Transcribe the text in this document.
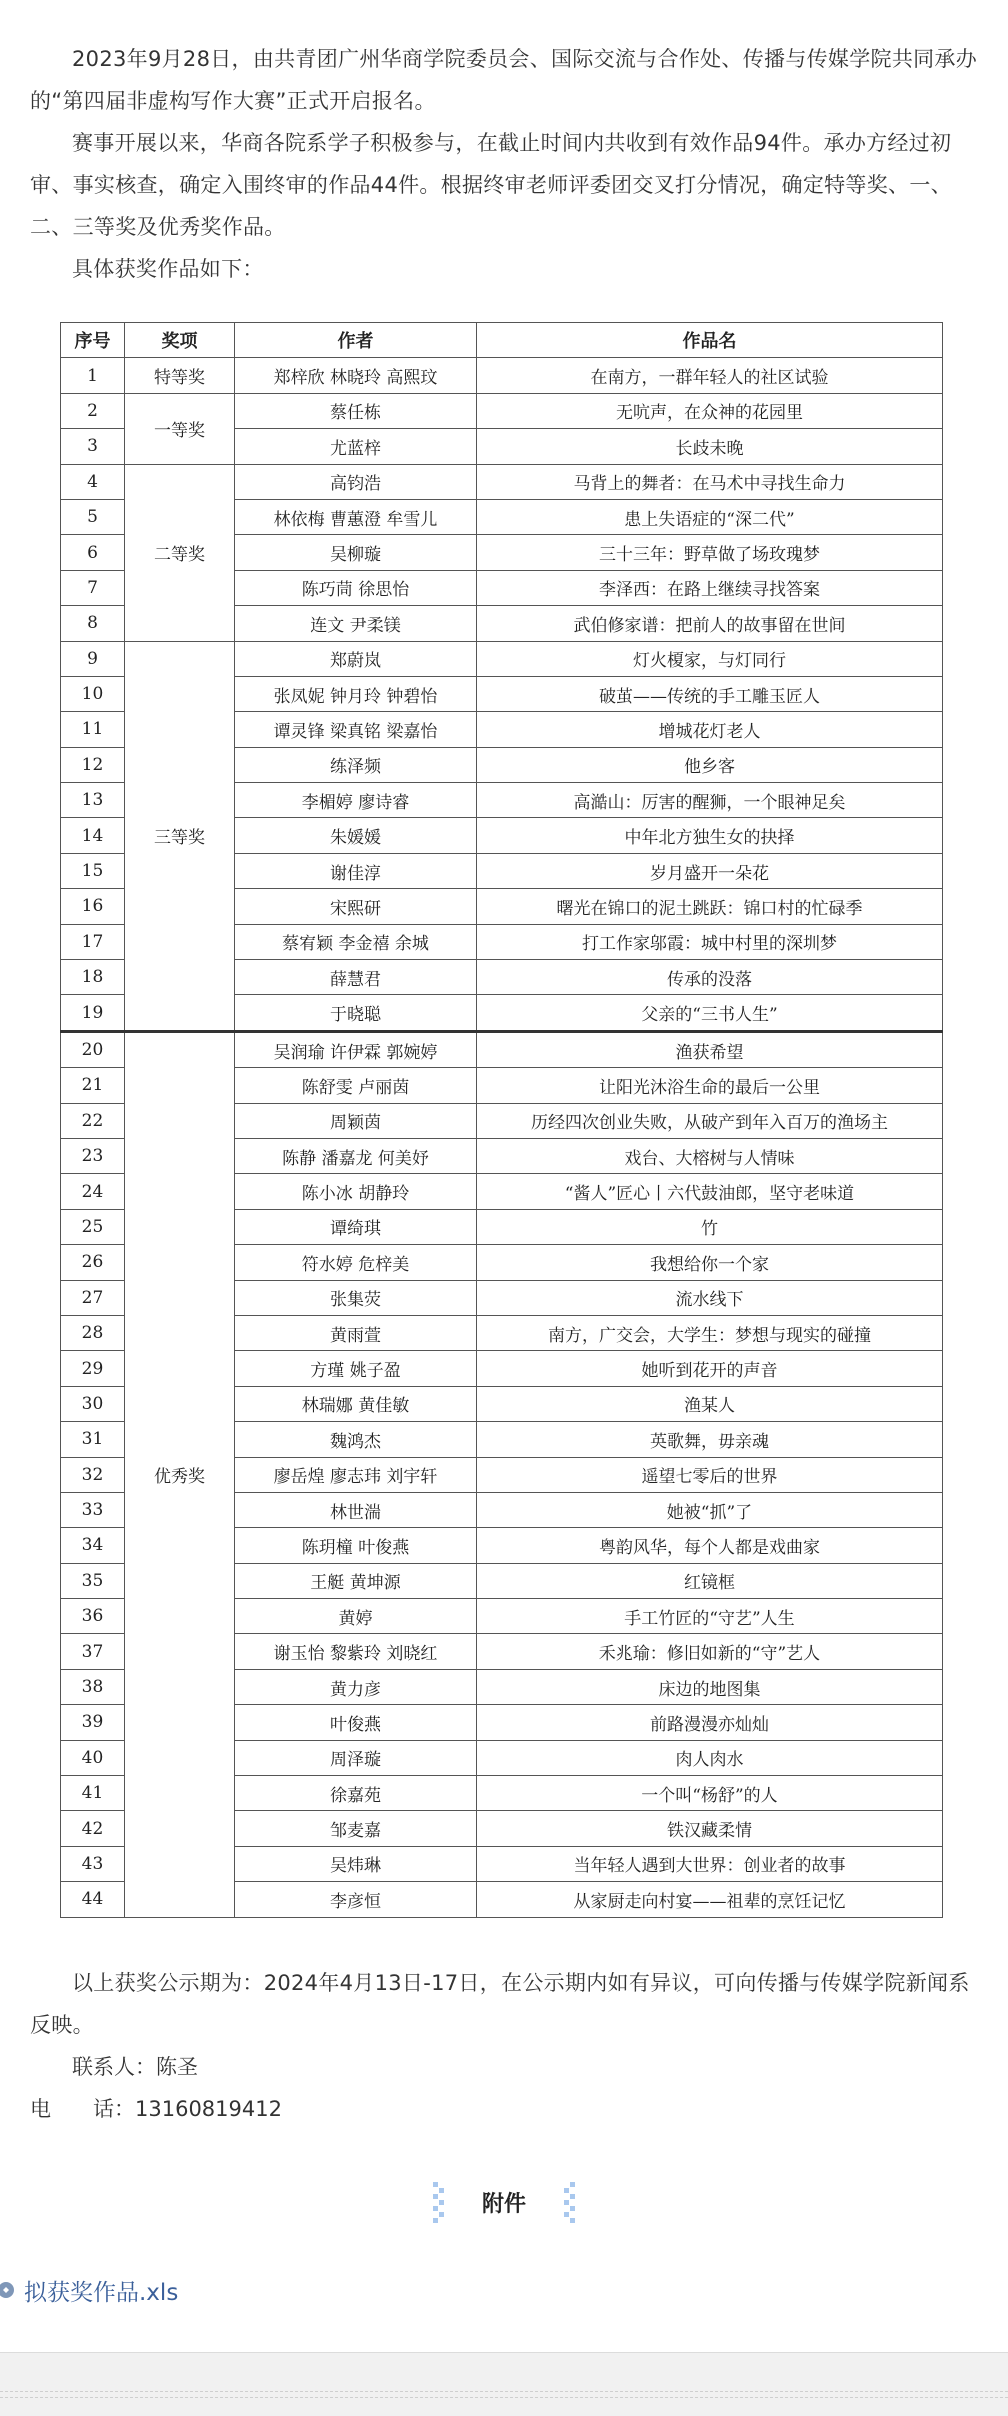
2023年9月28日，由共青团广州华商学院委员会、国际交流与合作处、传播与传媒学院共同承办的“第四届非虚构写作大赛”正式开启报名。

赛事开展以来，华商各院系学子积极参与，在截止时间内共收到有效作品94件。承办方经过初审、事实核查，确定入围终审的作品44件。根据终审老师评委团交叉打分情况，确定特等奖、一、二、三等奖及优秀奖作品。

具体获奖作品如下：

序号	奖项	作者	作品名
1	特等奖	郑梓欣 林晓玲 高熙玟	在南方，一群年轻人的社区试验
2	一等奖	蔡任栋	无吭声，在众神的花园里
3		尤蓝梓	长歧未晚
4	二等奖	高钧浩	马背上的舞者：在马术中寻找生命力
5		林依梅 曹蕙澄 牟雪儿	患上失语症的“深二代”
6		吴柳璇	三十三年：野草做了场玫瑰梦
7		陈巧茼 徐思怡	李泽西：在路上继续寻找答案
8		连文 尹柔镁	武伯修家谱：把前人的故事留在世间
9	三等奖	郑蔚岚	灯火榎家，与灯同行
10		张凤妮 钟月玲 钟碧怡	破茧——传统的手工雕玉匠人
11		谭灵锋 梁真铭 梁嘉怡	增城花灯老人
12		练泽频	他乡客
13		李楣婷 廖诗睿	高澔山：厉害的醒狮，一个眼神足矣
14		朱媛媛	中年北方独生女的抉择
15		谢佳淳	岁月盛开一朵花
16		宋熙研	曙光在锦口的泥土跳跃：锦口村的忙碌季
17		蔡宥颖 李金禧 余城	打工作家邬霞：城中村里的深圳梦
18		薛慧君	传承的没落
19		于晓聪	父亲的“三书人生”
20	优秀奖	吴润瑜 许伊霖 郭婉婷	渔获希望
21		陈舒雯 卢丽茵	让阳光沐浴生命的最后一公里
22		周颖茵	历经四次创业失败，从破产到年入百万的渔场主
23		陈静 潘嘉龙 何美妤	戏台、大榕树与人情味
24		陈小冰 胡静玲	“酱人”匠心丨六代鼓油郎，坚守老味道
25		谭绮琪	竹
26		符水婷 危梓美	我想给你一个家
27		张集荧	流水线下
28		黄雨萱	南方，广交会，大学生：梦想与现实的碰撞
29		方瑾 姚子盈	她听到花开的声音
30		林瑞娜 黄佳敏	渔某人
31		魏鸿杰	英歌舞，毋亲魂
32		廖岳煌 廖志玮 刘宇轩	遥望七零后的世界
33		林世湍	她被“抓”了
34		陈玥橦 叶俊燕	粤韵风华，每个人都是戏曲家
35		王艇 黄坤源	红镜框
36		黄婷	手工竹匠的“守艺”人生
37		谢玉怡 黎紫玲 刘晓红	禾兆瑜：修旧如新的“守”艺人
38		黄力彦	床边的地图集
39		叶俊燕	前路漫漫亦灿灿
40		周泽璇	肉人肉水
41		徐嘉苑	一个叫“杨舒”的人
42		邹麦嘉	铁汉藏柔情
43		吴炜琳	当年轻人遇到大世界：创业者的故事
44		李彦恒	从家厨走向村宴——祖辈的烹饪记忆

以上获奖公示期为：2024年4月13日-17日，在公示期内如有异议，可向传播与传媒学院新闻系反映。

联系人：陈圣

电 话：13160819412

附件
拟获奖作品.xls
